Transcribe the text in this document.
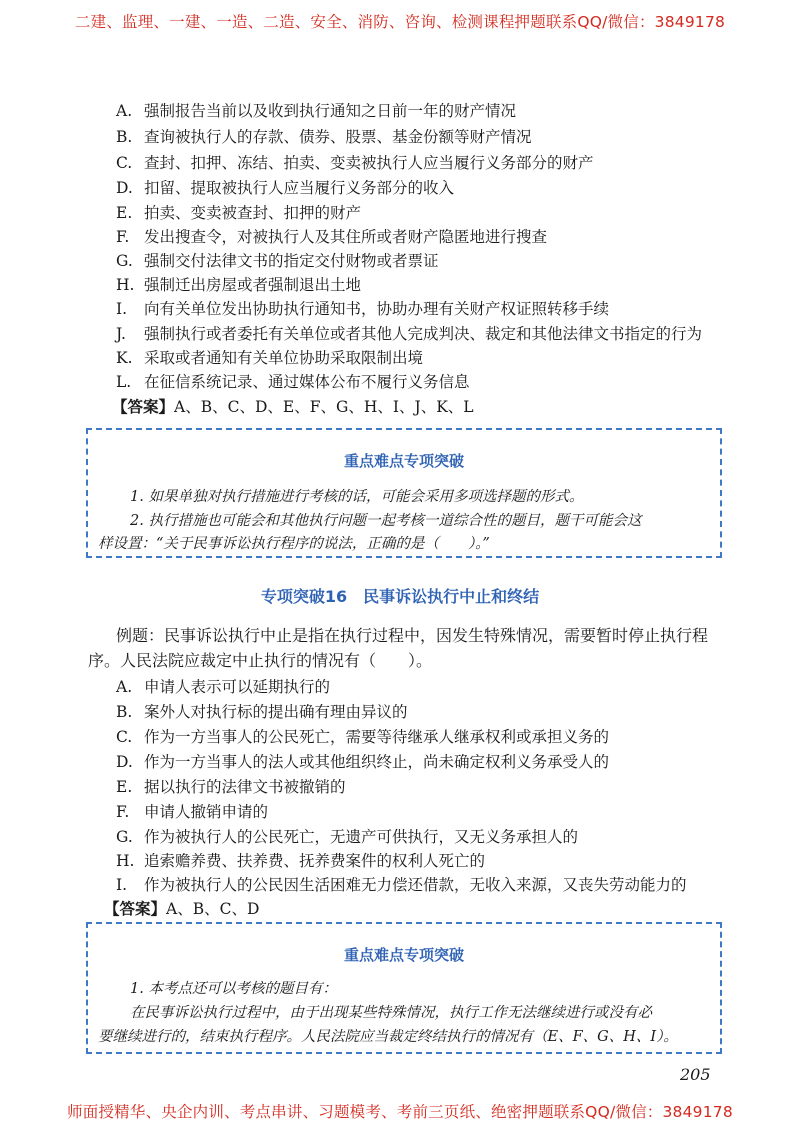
二建、监理、一建、一造、二造、安全、消防、咨询、检测课程押题联系QQ/微信：3849178
A. 强制报告当前以及收到执行通知之日前一年的财产情况
B. 查询被执行人的存款、债券、股票、基金份额等财产情况
C. 查封、扣押、冻结、拍卖、变卖被执行人应当履行义务部分的财产
D. 扣留、提取被执行人应当履行义务部分的收入
E. 拍卖、变卖被查封、扣押的财产
F. 发出搜查令，对被执行人及其住所或者财产隐匿地进行搜查
G. 强制交付法律文书的指定交付财物或者票证
H. 强制迁出房屋或者强制退出土地
I. 向有关单位发出协助执行通知书，协助办理有关财产权证照转移手续
J. 强制执行或者委托有关单位或者其他人完成判决、裁定和其他法律文书指定的行为
K. 采取或者通知有关单位协助采取限制出境
L. 在征信系统记录、通过媒体公布不履行义务信息
【答案】A、B、C、D、E、F、G、H、I、J、K、L
重点难点专项突破
1. 如果单独对执行措施进行考核的话，可能会采用多项选择题的形式。
2. 执行措施也可能会和其他执行问题一起考核一道综合性的题目，题干可能会这
样设置：“关于民事诉讼执行程序的说法，正确的是（　　）。”
专项突破16　民事诉讼执行中止和终结
例题：民事诉讼执行中止是指在执行过程中，因发生特殊情况，需要暂时停止执行程
序。人民法院应裁定中止执行的情况有（　　）。
A. 申请人表示可以延期执行的
B. 案外人对执行标的提出确有理由异议的
C. 作为一方当事人的公民死亡，需要等待继承人继承权利或承担义务的
D. 作为一方当事人的法人或其他组织终止，尚未确定权利义务承受人的
E. 据以执行的法律文书被撤销的
F. 申请人撤销申请的
G. 作为被执行人的公民死亡，无遗产可供执行，又无义务承担人的
H. 追索赡养费、扶养费、抚养费案件的权利人死亡的
I. 作为被执行人的公民因生活困难无力偿还借款，无收入来源，又丧失劳动能力的
【答案】A、B、C、D
重点难点专项突破
1. 本考点还可以考核的题目有：
在民事诉讼执行过程中，由于出现某些特殊情况，执行工作无法继续进行或没有必
要继续进行的，结束执行程序。人民法院应当裁定终结执行的情况有（E、F、G、H、I）。
205
师面授精华、央企内训、考点串讲、习题模考、考前三页纸、绝密押题联系QQ/微信：3849178
